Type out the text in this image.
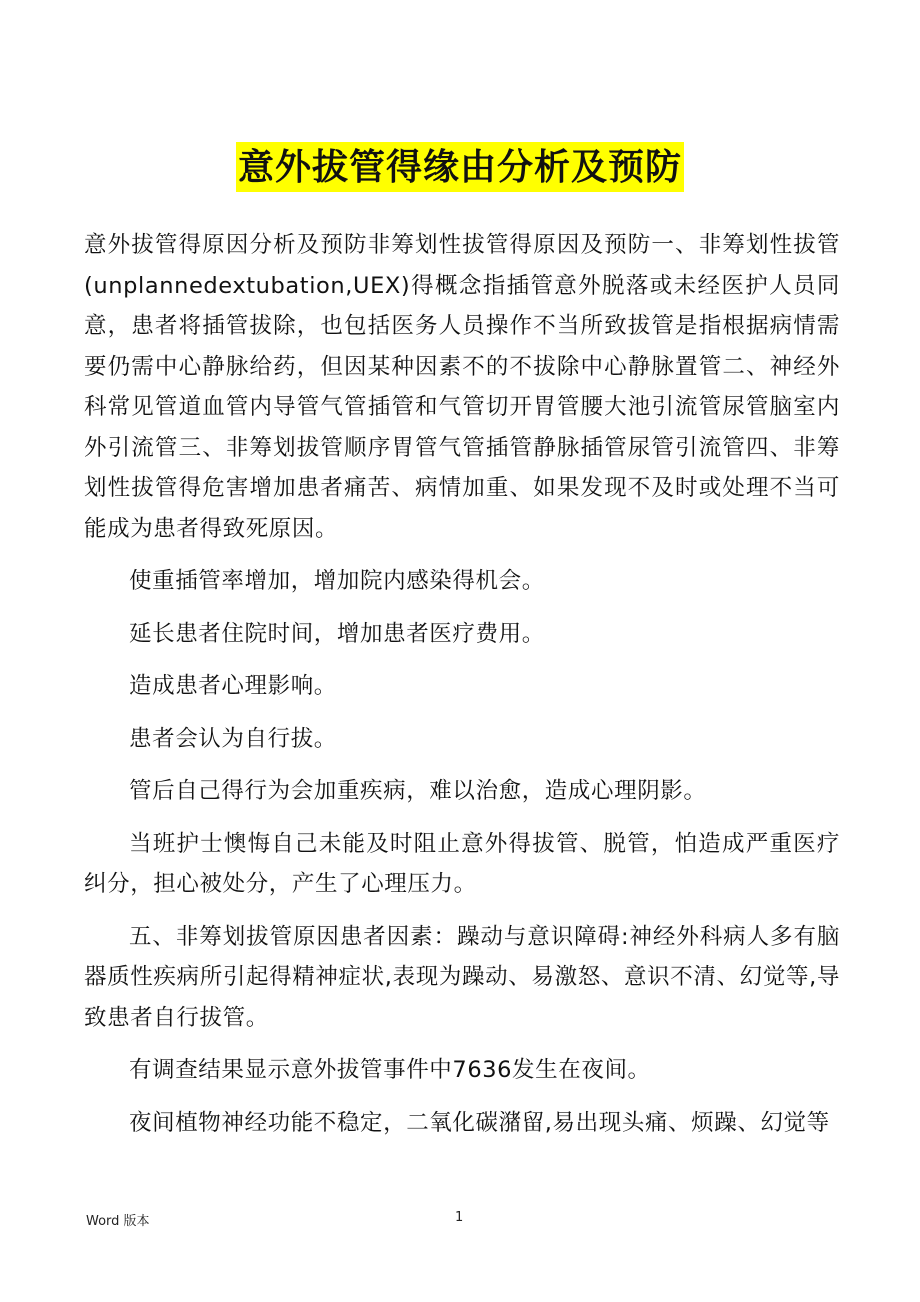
意外拔管得缘由分析及预防

意外拔管得原因分析及预防非筹划性拔管得原因及预防一、非筹划性拔管(unplannedextubation,UEX)得概念指插管意外脱落或未经医护人员同意，患者将插管拔除，也包括医务人员操作不当所致拔管是指根据病情需要仍需中心静脉给药，但因某种因素不的不拔除中心静脉置管二、神经外科常见管道血管内导管气管插管和气管切开胃管腰大池引流管尿管脑室内外引流管三、非筹划拔管顺序胃管气管插管静脉插管尿管引流管四、非筹划性拔管得危害增加患者痛苦、病情加重、如果发现不及时或处理不当可能成为患者得致死原因。

使重插管率增加，增加院内感染得机会。

延长患者住院时间，增加患者医疗费用。

造成患者心理影响。

患者会认为自行拔。

管后自己得行为会加重疾病，难以治愈，造成心理阴影。

当班护士懊悔自己未能及时阻止意外得拔管、脱管，怕造成严重医疗纠分，担心被处分，产生了心理压力。

五、非筹划拔管原因患者因素：躁动与意识障碍:神经外科病人多有脑器质性疾病所引起得精神症状,表现为躁动、易激怒、意识不清、幻觉等,导致患者自行拔管。

有调查结果显示意外拔管事件中7636发生在夜间。

夜间植物神经功能不稳定，二氧化碳潴留,易出现头痛、烦躁、幻觉等

Word 版本	1
